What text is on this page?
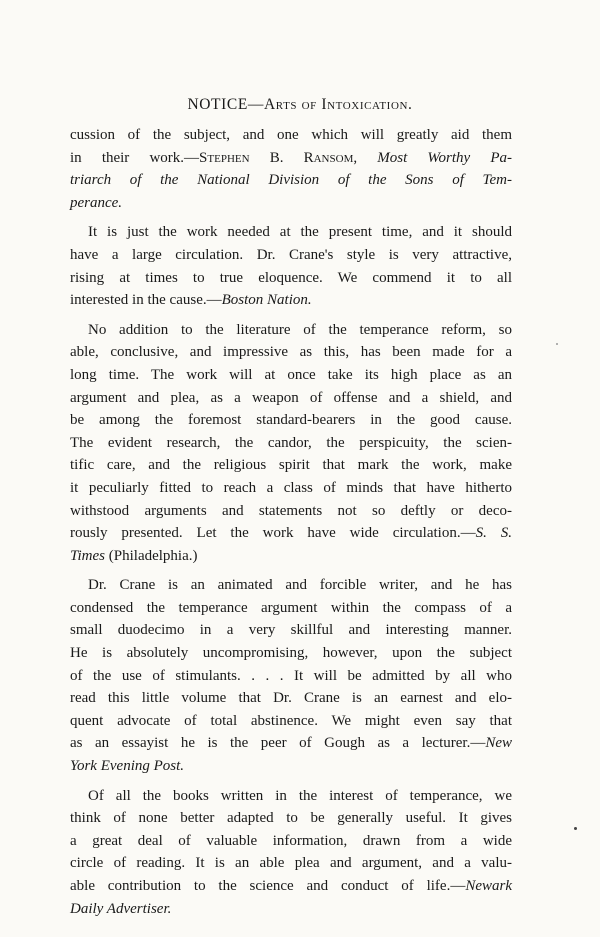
NOTICE—Arts of Intoxication.

cussion of the subject, and one which will greatly aid them
in their work.—Stephen B. Ransom, Most Worthy Pa-
triarch of the National Division of the Sons of Tem-
perance.

It is just the work needed at the present time, and it should
have a large circulation. Dr. Crane's style is very attractive,
rising at times to true eloquence. We commend it to all
interested in the cause.—Boston Nation.

No addition to the literature of the temperance reform, so
able, conclusive, and impressive as this, has been made for a
long time. The work will at once take its high place as an
argument and plea, as a weapon of offense and a shield, and
be among the foremost standard-bearers in the good cause.
The evident research, the candor, the perspicuity, the scien-
tific care, and the religious spirit that mark the work, make
it peculiarly fitted to reach a class of minds that have hitherto
withstood arguments and statements not so deftly or deco-
rously presented. Let the work have wide circulation.—S. S.
Times (Philadelphia.)

Dr. Crane is an animated and forcible writer, and he has
condensed the temperance argument within the compass of a
small duodecimo in a very skillful and interesting manner.
He is absolutely uncompromising, however, upon the subject
of the use of stimulants. . . . It will be admitted by all who
read this little volume that Dr. Crane is an earnest and elo-
quent advocate of total abstinence. We might even say that
as an essayist he is the peer of Gough as a lecturer.—New
York Evening Post.

Of all the books written in the interest of temperance, we
think of none better adapted to be generally useful. It gives
a great deal of valuable information, drawn from a wide
circle of reading. It is an able plea and argument, and a valu-
able contribution to the science and conduct of life.—Newark
Daily Advertiser.
